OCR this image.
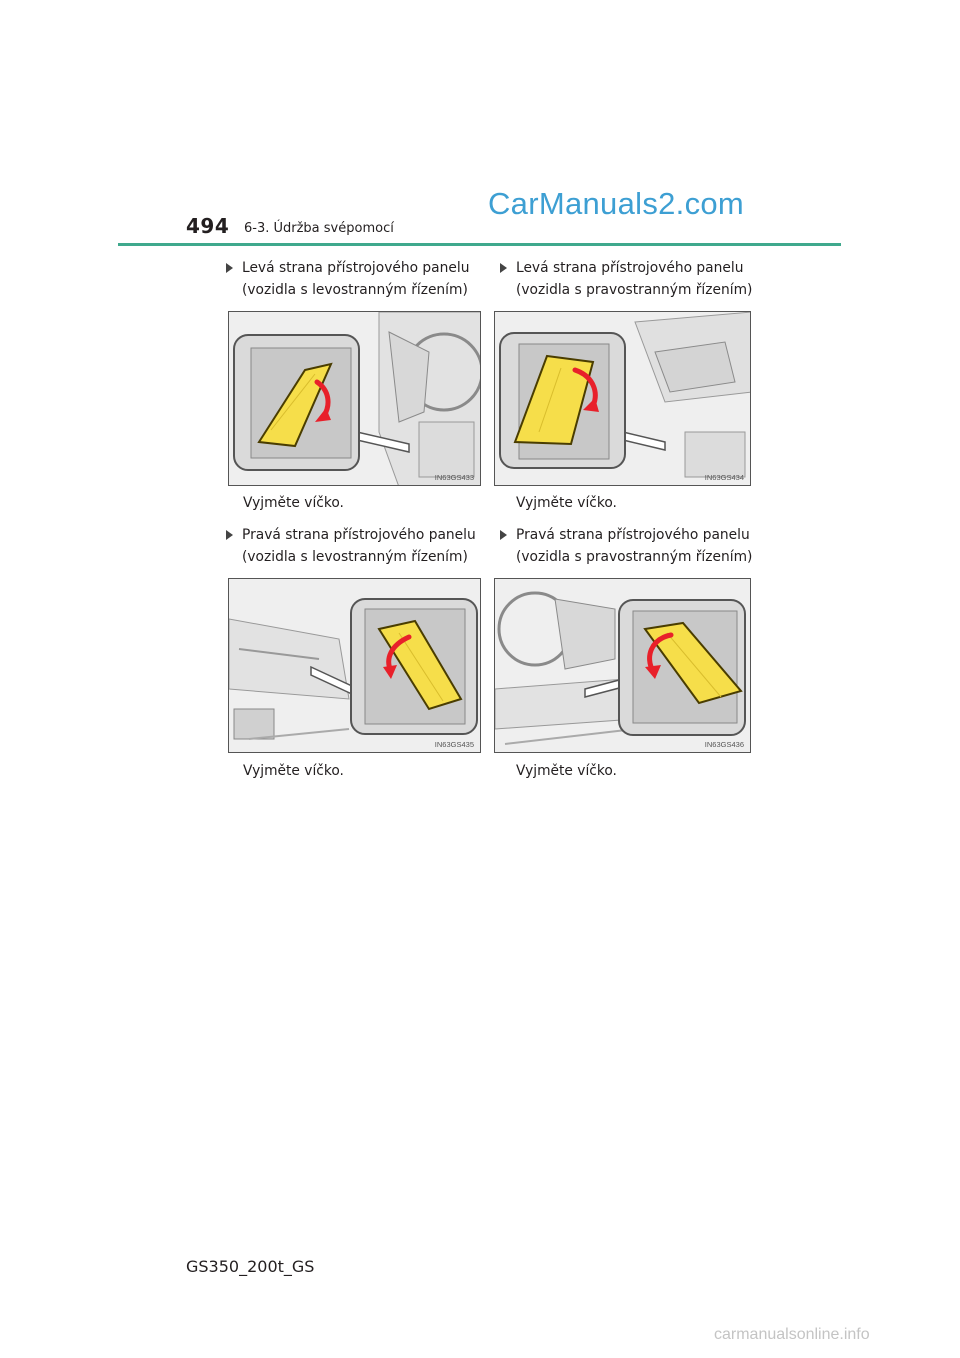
494 6-3. Údržba svépomocí
CarManuals2.com
Levá strana přístrojového panelu
(vozidla s levostranným řízením)
Levá strana přístrojového panelu
(vozidla s pravostranným řízením)
IN63GS433	IN63GS434
Vyjměte víčko.	Vyjměte víčko.
Pravá strana přístrojového panelu
(vozidla s levostranným řízením)
Pravá strana přístrojového panelu
(vozidla s pravostranným řízením)
IN63GS435	IN63GS436
Vyjměte víčko.	Vyjměte víčko.
GS350_200t_GS
carmanualsonline.info
